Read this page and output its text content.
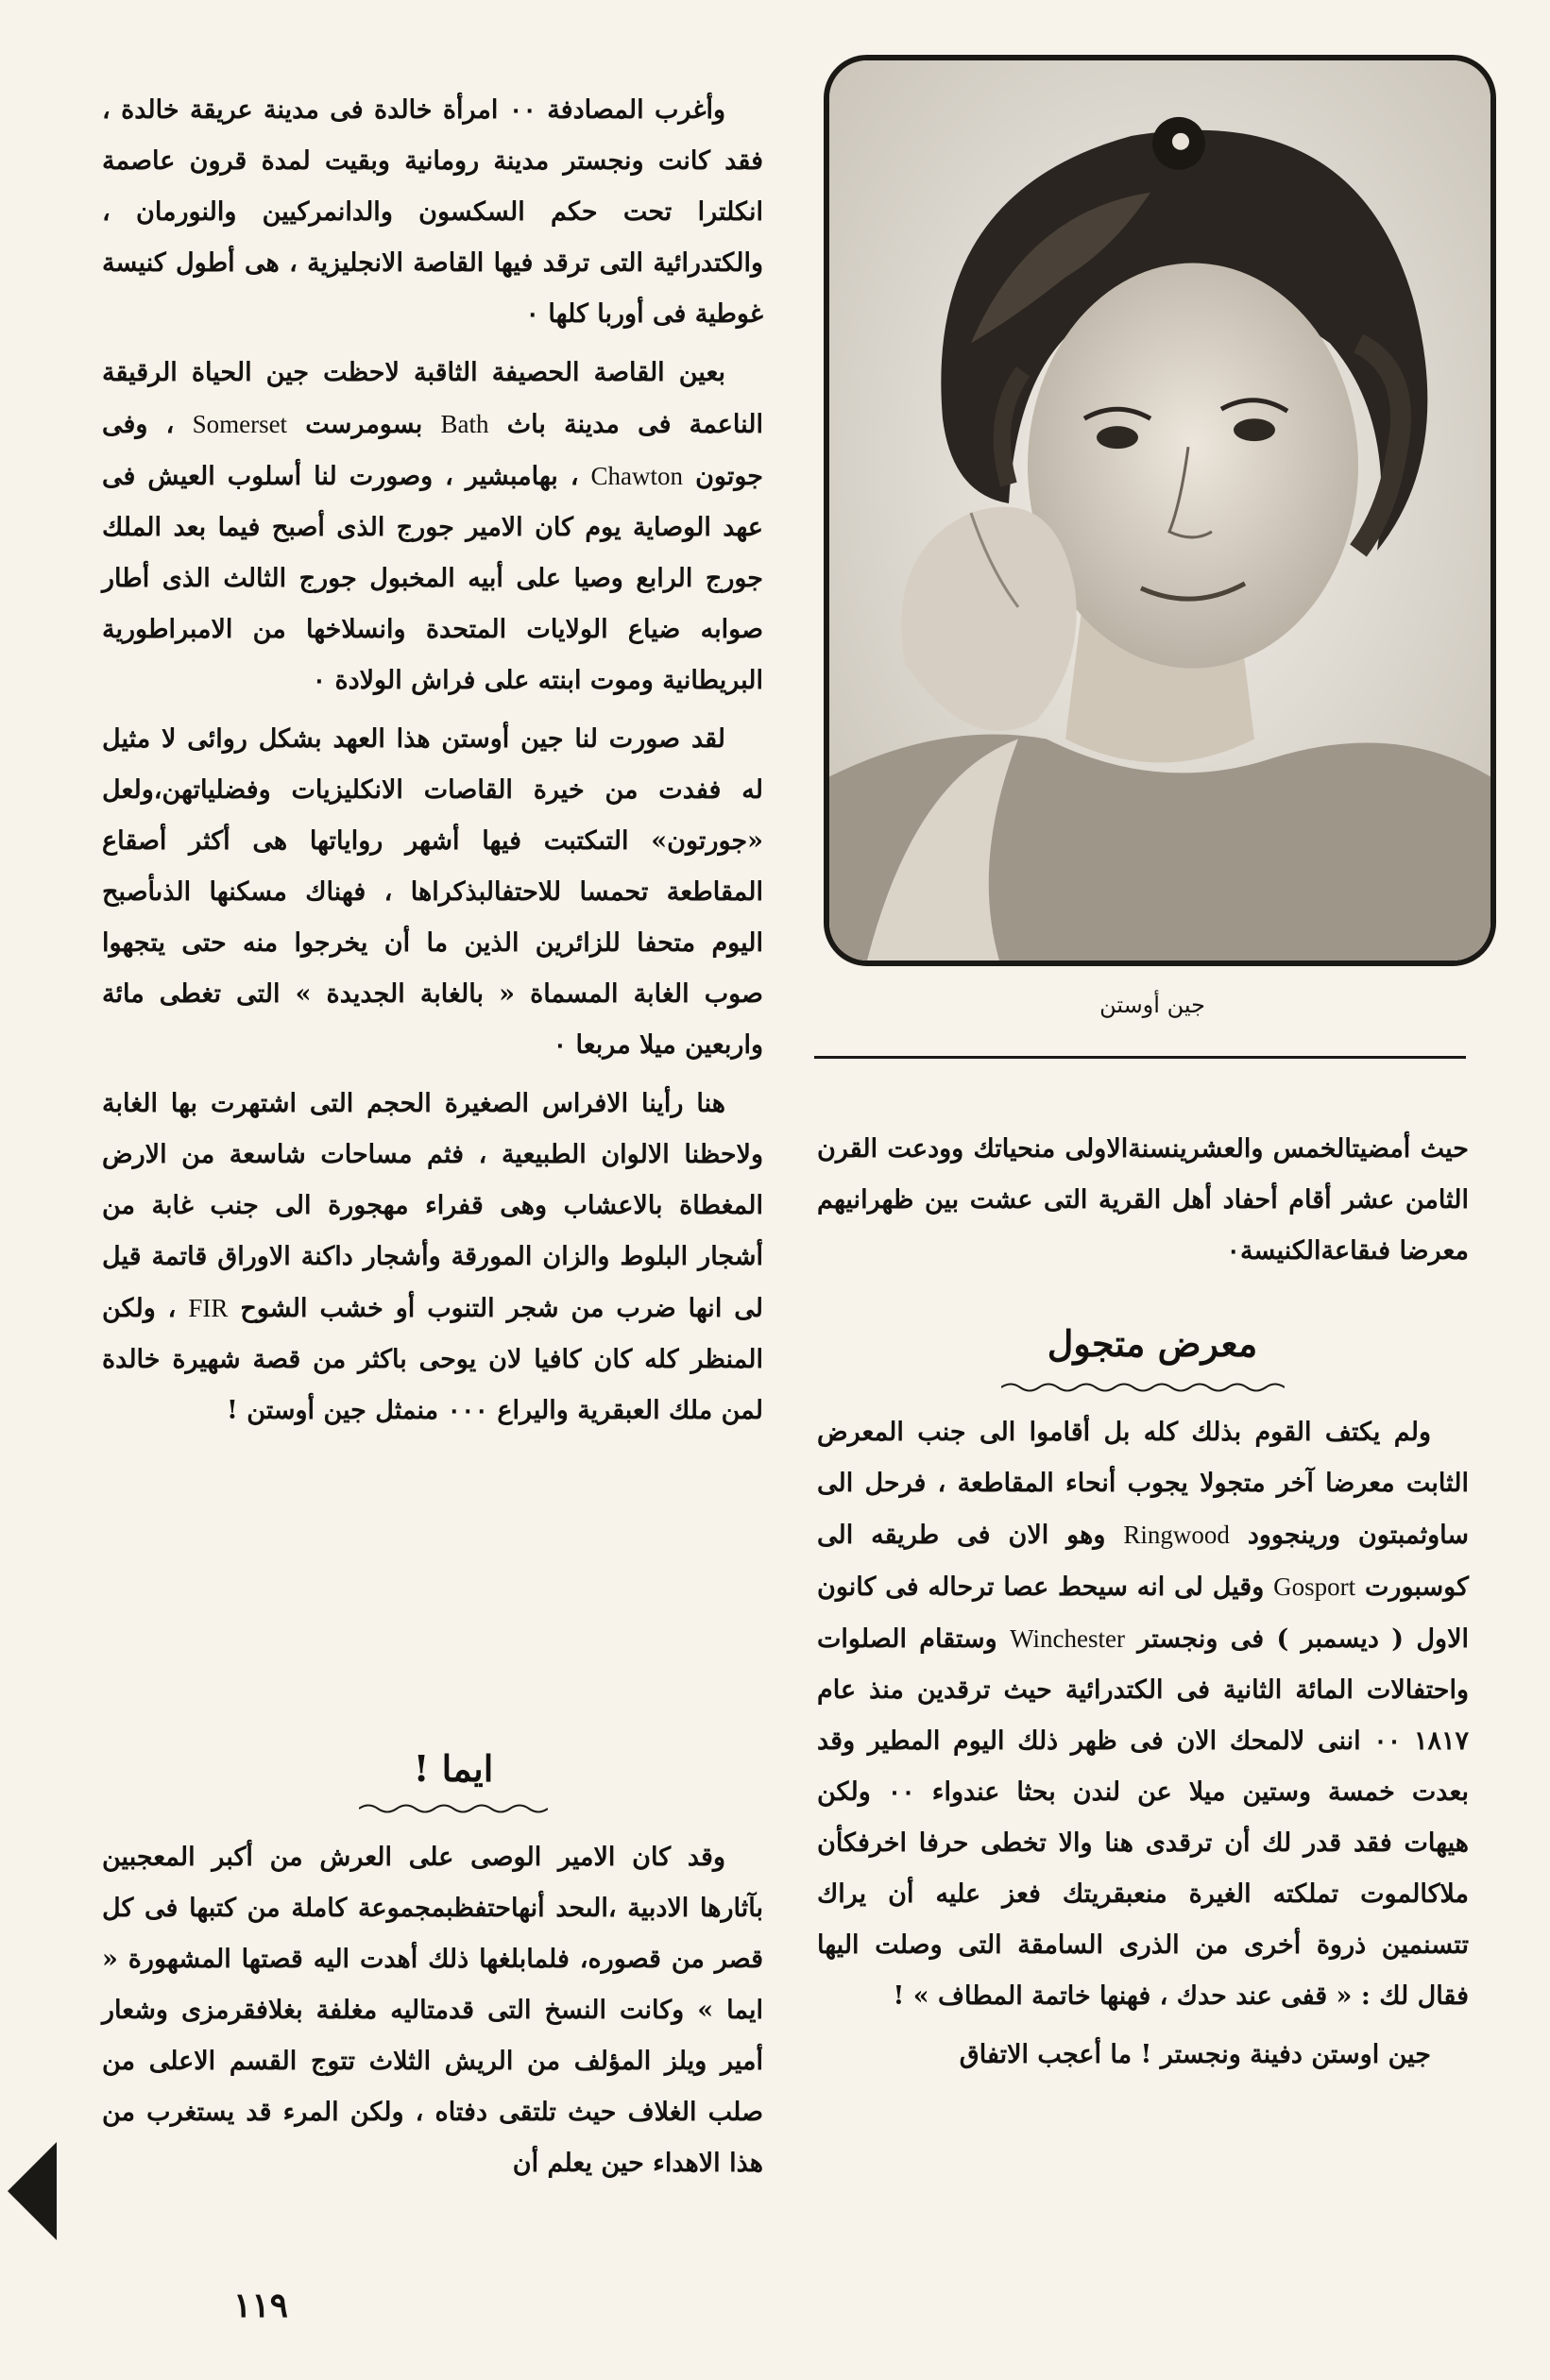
وأغرب المصادفة ٠٠ امرأة خالدة فى مدينة عريقة خالدة ، فقد كانت ونجستر مدينة رومانية وبقيت لمدة قرون عاصمة انكلترا تحت حكم السكسون والدانمركيين والنورمان ، والكتدرائية التى ترقد فيها القاصة الانجليزية ، هى أطول كنيسة غوطية فى أوربا كلها ٠

بعين القاصة الحصيفة الثاقبة لاحظت جين الحياة الرقيقة الناعمة فى مدينة باث Bath بسومرست Somerset ، وفى جوتون Chawton ، بهامبشير ، وصورت لنا أسلوب العيش فى عهد الوصاية يوم كان الامير جورج الذى أصبح فيما بعد الملك جورج الرابع وصيا على أبيه المخبول جورج الثالث الذى أطار صوابه ضياع الولايات المتحدة وانسلاخها من الامبراطورية البريطانية وموت ابنته على فراش الولادة ٠

لقد صورت لنا جين أوستن هذا العهد بشكل روائى لا مثيل له ففدت من خيرة القاصات الانكليزيات وفضلياتهن،ولعل «جورتون» التىكتبت فيها أشهر رواياتها هى أكثر أصقاع المقاطعة تحمسا للاحتفالبذكراها ، فهناك مسكنها الذىأصبح اليوم متحفا للزائرين الذين ما أن يخرجوا منه حتى يتجهوا صوب الغابة المسماة « بالغابة الجديدة » التى تغطى مائة واربعين ميلا مربعا ٠

هنا رأينا الافراس الصغيرة الحجم التى اشتهرت بها الغابة ولاحظنا الالوان الطبيعية ، فثم مساحات شاسعة من الارض المغطاة بالاعشاب وهى قفراء مهجورة الى جنب غابة من أشجار البلوط والزان المورقة وأشجار داكنة الاوراق قاتمة قيل لى انها ضرب من شجر التنوب أو خشب الشوح FIR ، ولكن المنظر كله كان كافيا لان يوحى باكثر من قصة شهيرة خالدة لمن ملك العبقرية واليراع ٠٠٠ منمثل جين أوستن !

ايما !

وقد كان الامير الوصى على العرش من أكبر المعجبين بآثارها الادبية ،الىحد أنهاحتفظبمجموعة كاملة من كتبها فى كل قصر من قصوره، فلمابلغها ذلك أهدت اليه قصتها المشهورة « ايما » وكانت النسخ التى قدمتاليه مغلفة بغلافقرمزى وشعار أمير ويلز المؤلف من الريش الثلاث تتوج القسم الاعلى من صلب الغلاف حيث تلتقى دفتاه ، ولكن المرء قد يستغرب من هذا الاهداء حين يعلم أن

جين أوستن

حيث أمضيتالخمس والعشرينسنةالاولى منحياتك وودعت القرن الثامن عشر أقام أحفاد أهل القرية التى عشت بين ظهرانيهم معرضا فىقاعةالكنيسة٠

معرض متجول

ولم يكتف القوم بذلك كله بل أقاموا الى جنب المعرض الثابت معرضا آخر متجولا يجوب أنحاء المقاطعة ، فرحل الى ساوثمبتون ورينجوود Ringwood وهو الان فى طريقه الى كوسبورت Gosport وقيل لى انه سيحط عصا ترحاله فى كانون الاول ( ديسمبر ) فى ونجستر Winchester وستقام الصلوات واحتفالات المائة الثانية فى الكتدرائية حيث ترقدين منذ عام ١٨١٧ ٠٠ اننى لالمحك الان فى ظهر ذلك اليوم المطير وقد بعدت خمسة وستين ميلا عن لندن بحثا عندواء ٠٠ ولكن هيهات فقد قدر لك أن ترقدى هنا والا تخطى حرفا اخرفكأن ملاكالموت تملكته الغيرة منعبقريتك فعز عليه أن يراك تتسنمين ذروة أخرى من الذرى السامقة التى وصلت اليها فقال لك : « قفى عند حدك ، فهنها خاتمة المطاف » !

جين اوستن دفينة ونجستر ! ما أعجب الاتفاق

١١٩
